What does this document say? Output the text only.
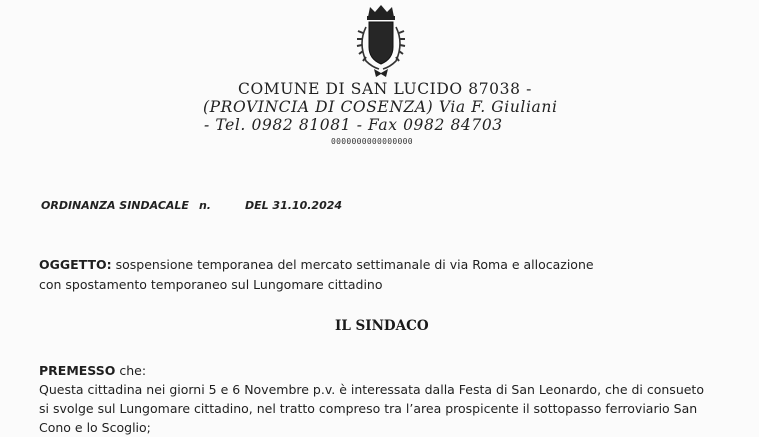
COMUNE DI SAN LUCIDO 87038 -
(PROVINCIA DI COSENZA) Via F. Giuliani
- Tel. 0982 81081 - Fax 0982 84703
0000000000000000
ORDINANZA SINDACALE n.	DEL 31.10.2024
OGGETTO: sospensione temporanea del mercato settimanale di via Roma e allocazione
con spostamento temporaneo sul Lungomare cittadino
IL SINDACO
PREMESSO che:
Questa cittadina nei giorni 5 e 6 Novembre p.v. è interessata dalla Festa di San Leonardo, che di consueto
si svolge sul Lungomare cittadino, nel tratto compreso tra l’area prospicente il sottopasso ferroviario San
Cono e lo Scoglio;
